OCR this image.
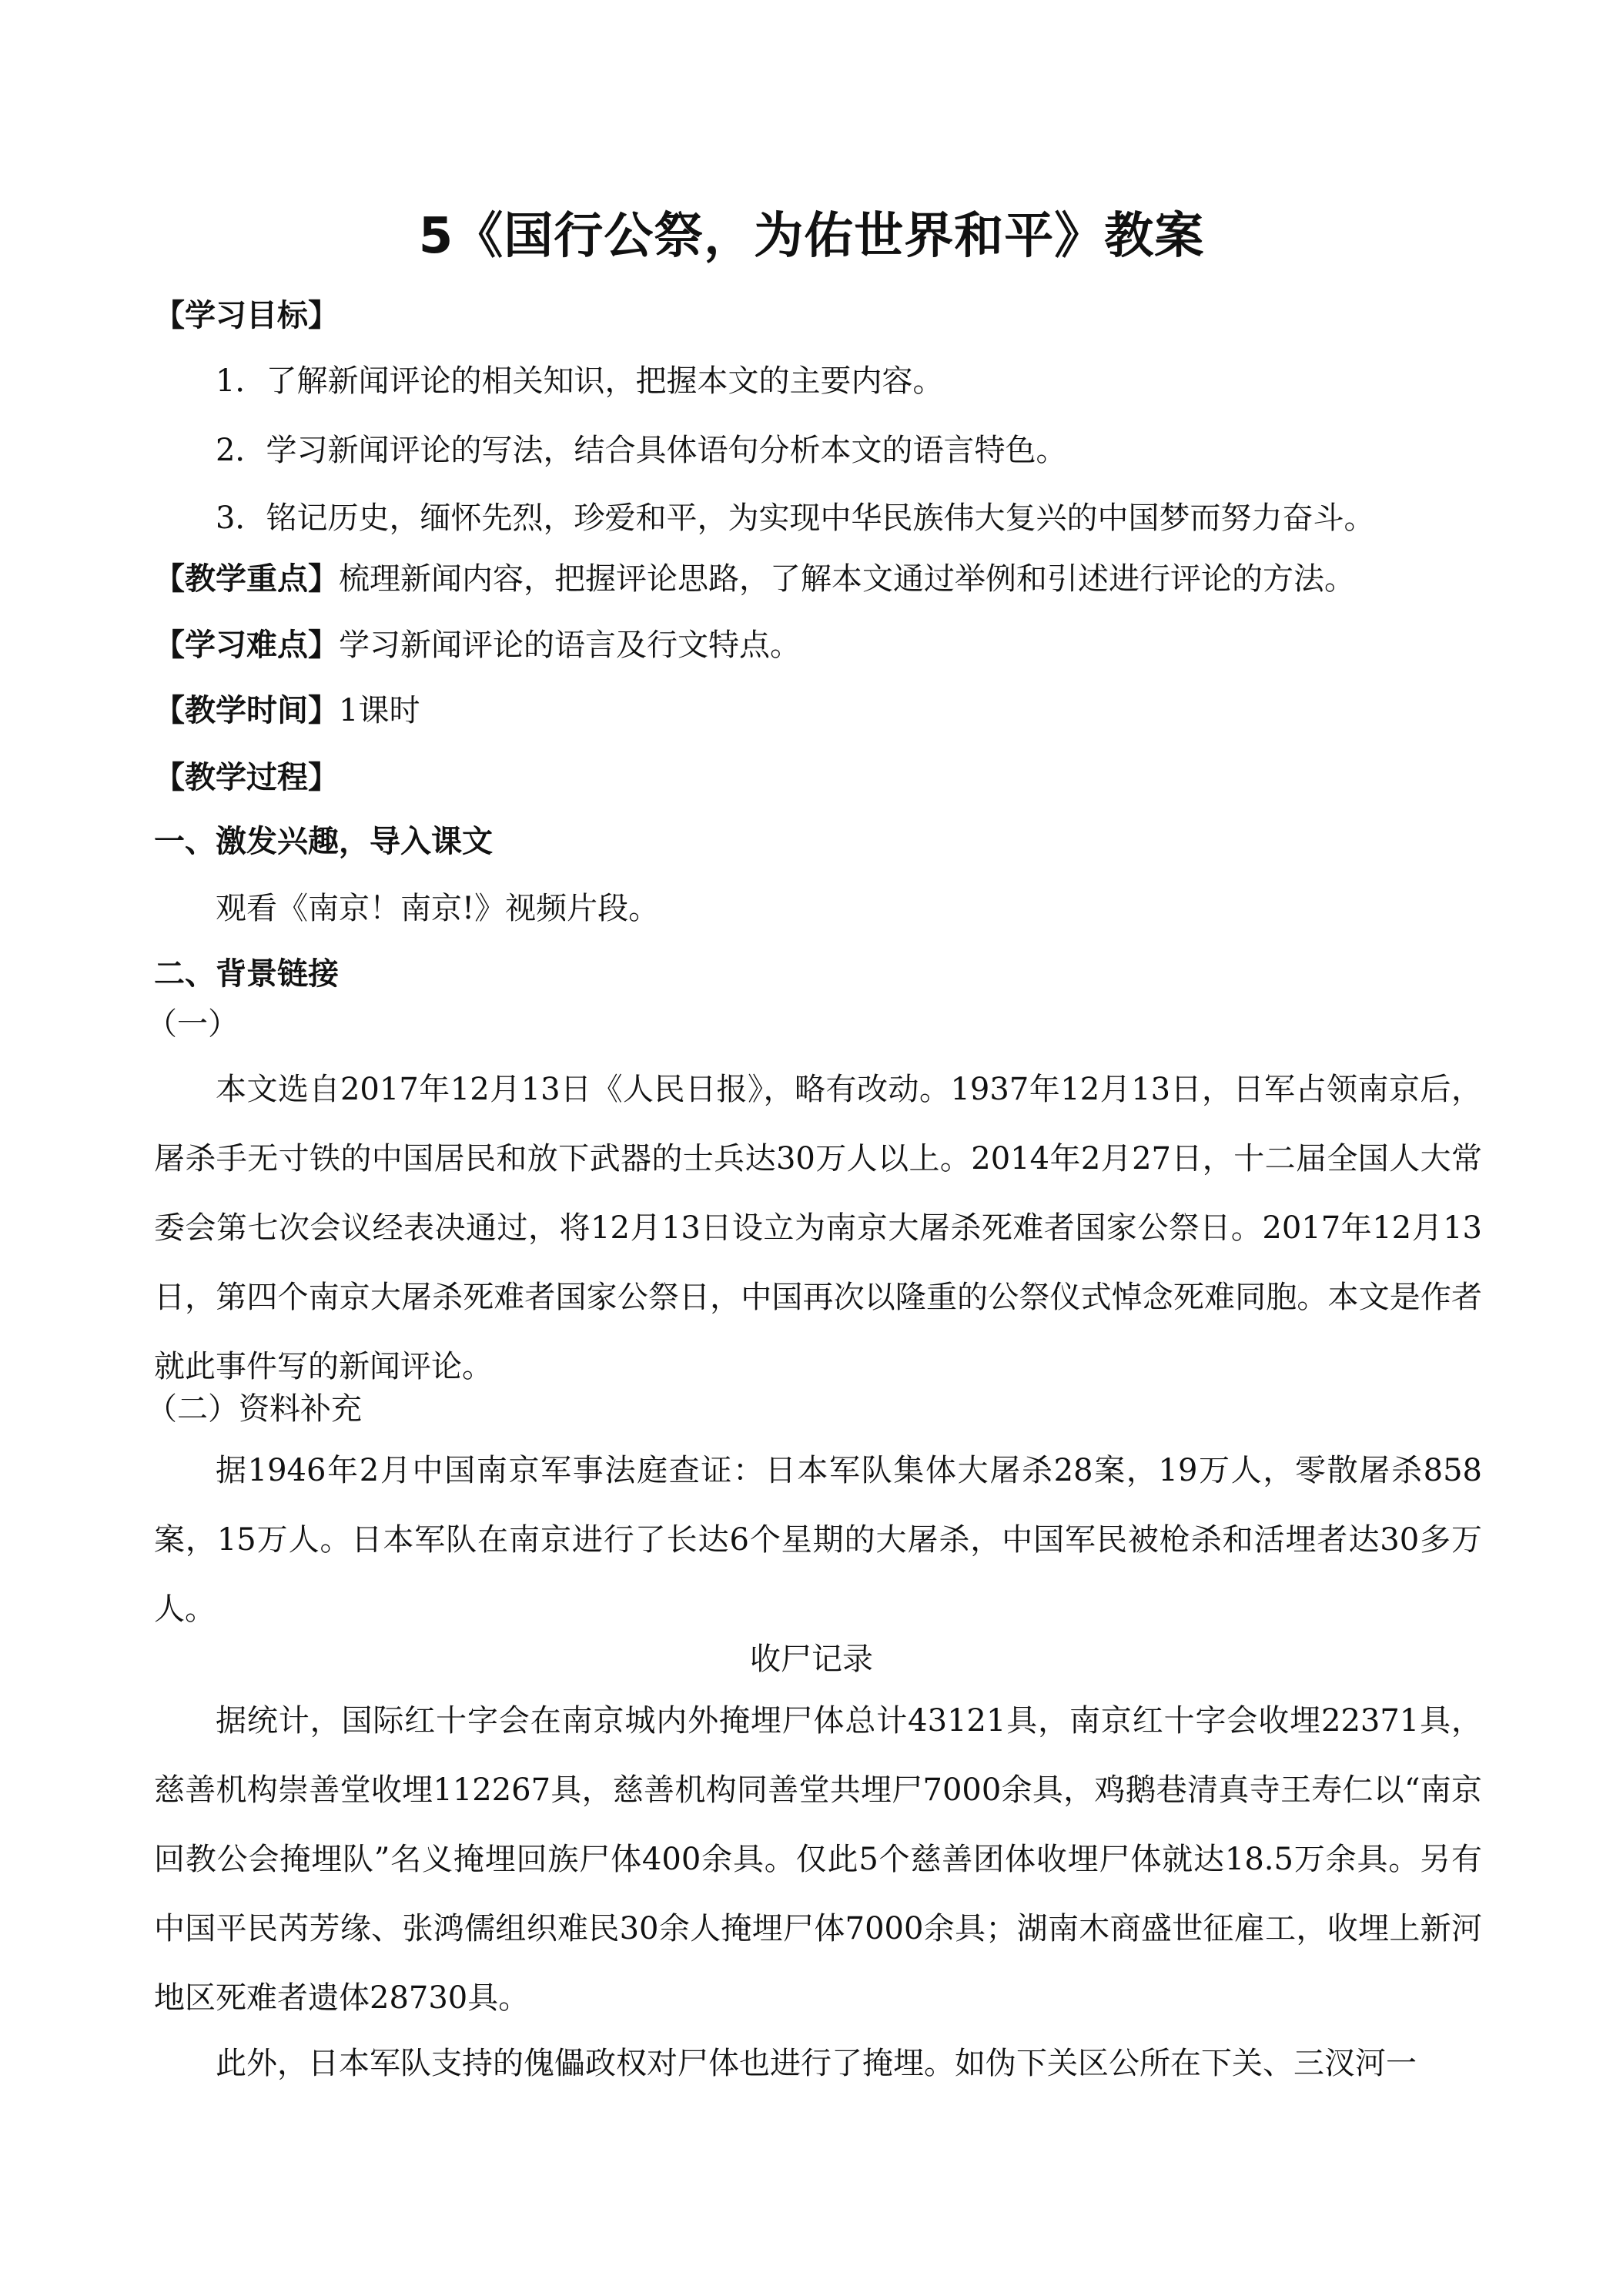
5《国行公祭，为佑世界和平》教案
【学习目标】
1．了解新闻评论的相关知识，把握本文的主要内容。
2．学习新闻评论的写法，结合具体语句分析本文的语言特色。
3．铭记历史，缅怀先烈，珍爱和平，为实现中华民族伟大复兴的中国梦而努力奋斗。
【教学重点】梳理新闻内容，把握评论思路，了解本文通过举例和引述进行评论的方法。
【学习难点】学习新闻评论的语言及行文特点。
【教学时间】1课时
【教学过程】
一、激发兴趣，导入课文
观看《南京！南京!》视频片段。
二、背景链接
（一）
本文选自2017年12月13日《人民日报》，略有改动。1937年12月13日，日军占领南京后，屠杀手无寸铁的中国居民和放下武器的士兵达30万人以上。2014年2月27日，十二届全国人大常委会第七次会议经表决通过，将12月13日设立为南京大屠杀死难者国家公祭日。2017年12月13日，第四个南京大屠杀死难者国家公祭日，中国再次以隆重的公祭仪式悼念死难同胞。本文是作者就此事件写的新闻评论。
（二）资料补充
据1946年2月中国南京军事法庭查证：日本军队集体大屠杀28案，19万人，零散屠杀858案，15万人。日本军队在南京进行了长达6个星期的大屠杀，中国军民被枪杀和活埋者达30多万人。
收尸记录
据统计，国际红十字会在南京城内外掩埋尸体总计43121具，南京红十字会收埋22371具，慈善机构崇善堂收埋112267具，慈善机构同善堂共埋尸7000余具，鸡鹅巷清真寺王寿仁以“南京回教公会掩埋队”名义掩埋回族尸体400余具。仅此5个慈善团体收埋尸体就达18.5万余具。另有中国平民芮芳缘、张鸿儒组织难民30余人掩埋尸体7000余具；湖南木商盛世征雇工，收埋上新河地区死难者遗体28730具。
此外，日本军队支持的傀儡政权对尸体也进行了掩埋。如伪下关区公所在下关、三汊河一
